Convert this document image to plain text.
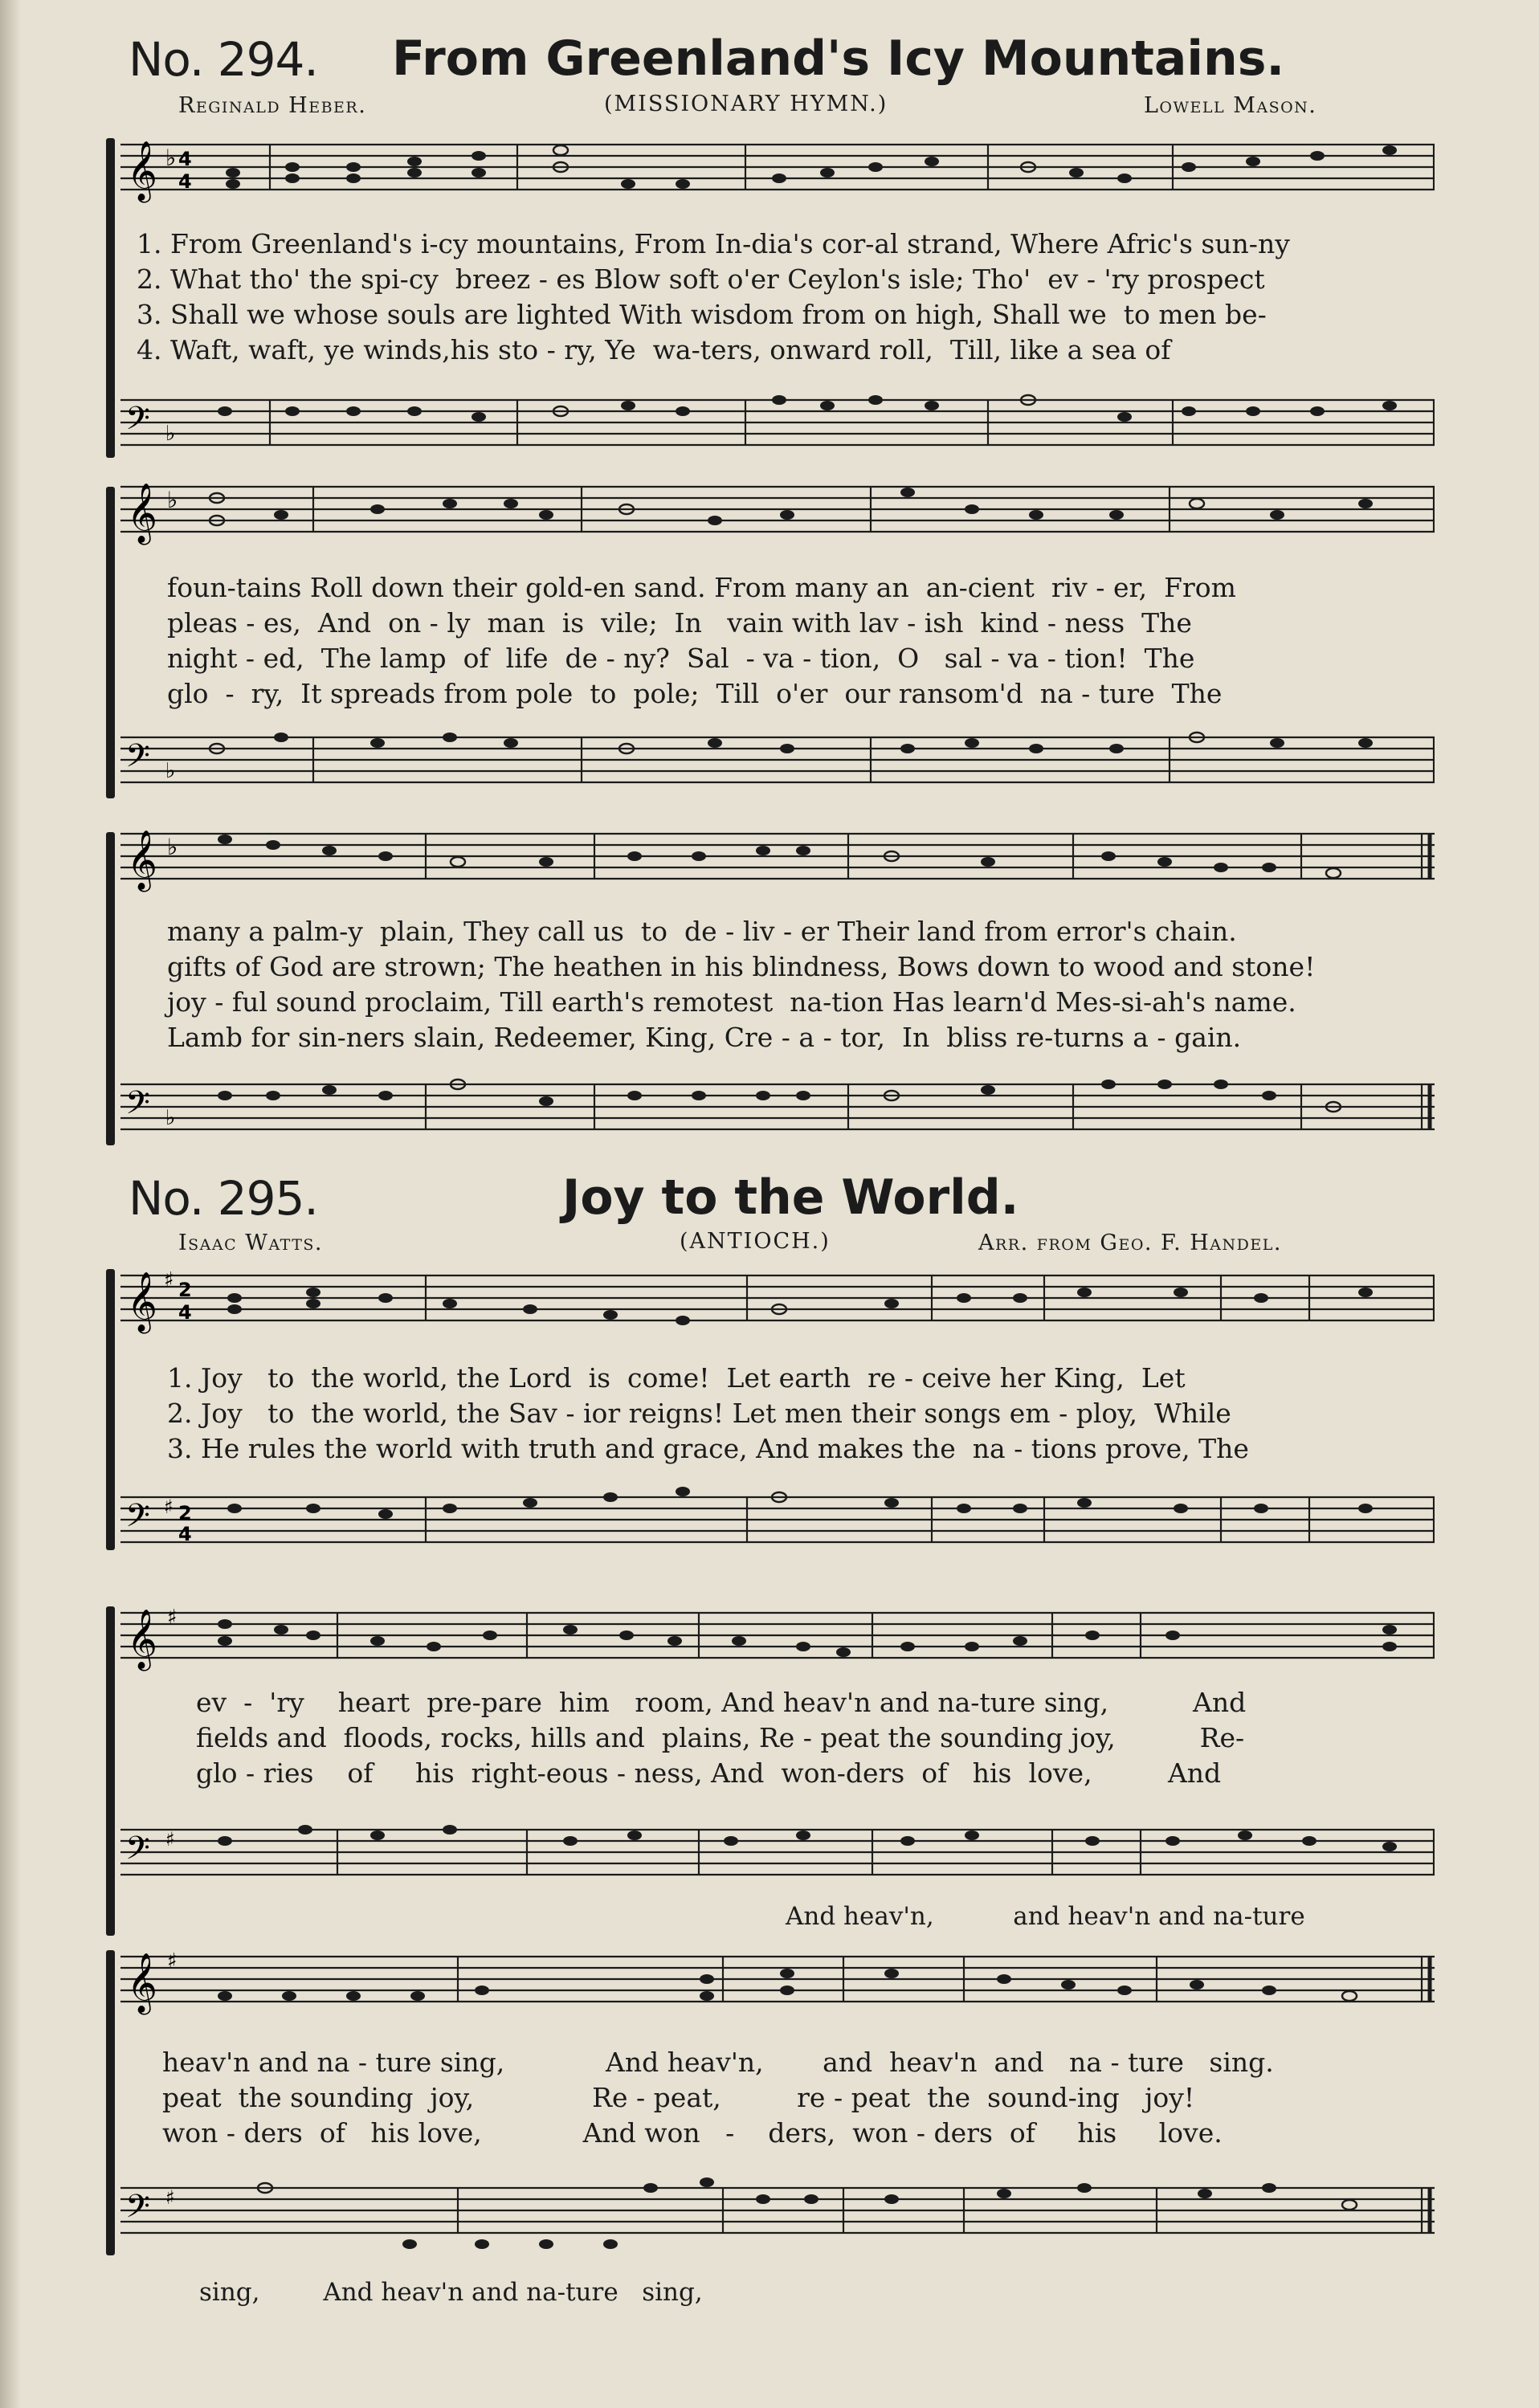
No. 294. From Greenland's Icy Mountains.
Reginald Heber.	(MISSIONARY HYMN.)	Lowell Mason.
𝄞 ♭ 4
4
1. From Greenland's i-cy mountains, From In-dia's cor-al strand, Where Afric's sun-ny
2. What tho' the spi-cy  breez - es Blow soft o'er Ceylon's isle; Tho'  ev - 'ry prospect
3. Shall we whose souls are lighted With wisdom from on high, Shall we  to men be-
4. Waft, waft, ye winds,his sto - ry, Ye  wa-ters, onward roll,  Till, like a sea of
𝄢 ♭
𝄞 ♭
foun-tains Roll down their gold-en sand. From many an  an-cient  riv - er,  From
pleas - es,  And  on - ly  man  is  vile;  In   vain with lav - ish  kind - ness  The
night - ed,  The lamp  of  life  de - ny?  Sal  - va - tion,  O   sal - va - tion!  The
glo  -  ry,  It spreads from pole  to  pole;  Till  o'er  our ransom'd  na - ture  The
𝄢 ♭
𝄞 ♭
many a palm-y  plain, They call us  to  de - liv - er Their land from error's chain.
gifts of God are strown; The heathen in his blindness, Bows down to wood and stone!
joy - ful sound proclaim, Till earth's remotest  na-tion Has learn'd Mes-si-ah's name.
Lamb for sin-ners slain, Redeemer, King, Cre - a - tor,  In  bliss re-turns a - gain.
𝄢 ♭
No. 295.	Joy to the World.
Isaac Watts.	(ANTIOCH.)	Arr. from Geo. F. Handel.
𝄞 ♯ 2
4
1. Joy   to  the world, the Lord  is  come!  Let earth  re - ceive her King,  Let
2. Joy   to  the world, the Sav - ior reigns! Let men their songs em - ploy,  While
3. He rules the world with truth and grace, And makes the  na - tions prove, The
𝄢 ♯ 2
4
𝄞 ♯
ev  -  'ry    heart  pre-pare  him   room, And heav'n and na-ture sing,          And
fields and  floods, rocks, hills and  plains, Re - peat the sounding joy,          Re-
glo - ries    of     his  right-eous - ness, And  won-ders  of   his  love,         And
𝄢 ♯
And heav'n,          and heav'n and na-ture
𝄞 ♯
heav'n and na - ture sing,            And heav'n,       and  heav'n  and   na - ture   sing.
peat  the sounding  joy,              Re - peat,         re - peat  the  sound-ing   joy!
won - ders  of   his love,            And won   -    ders,  won - ders  of     his     love.
𝄢 ♯
sing,        And heav'n and na-ture   sing,
